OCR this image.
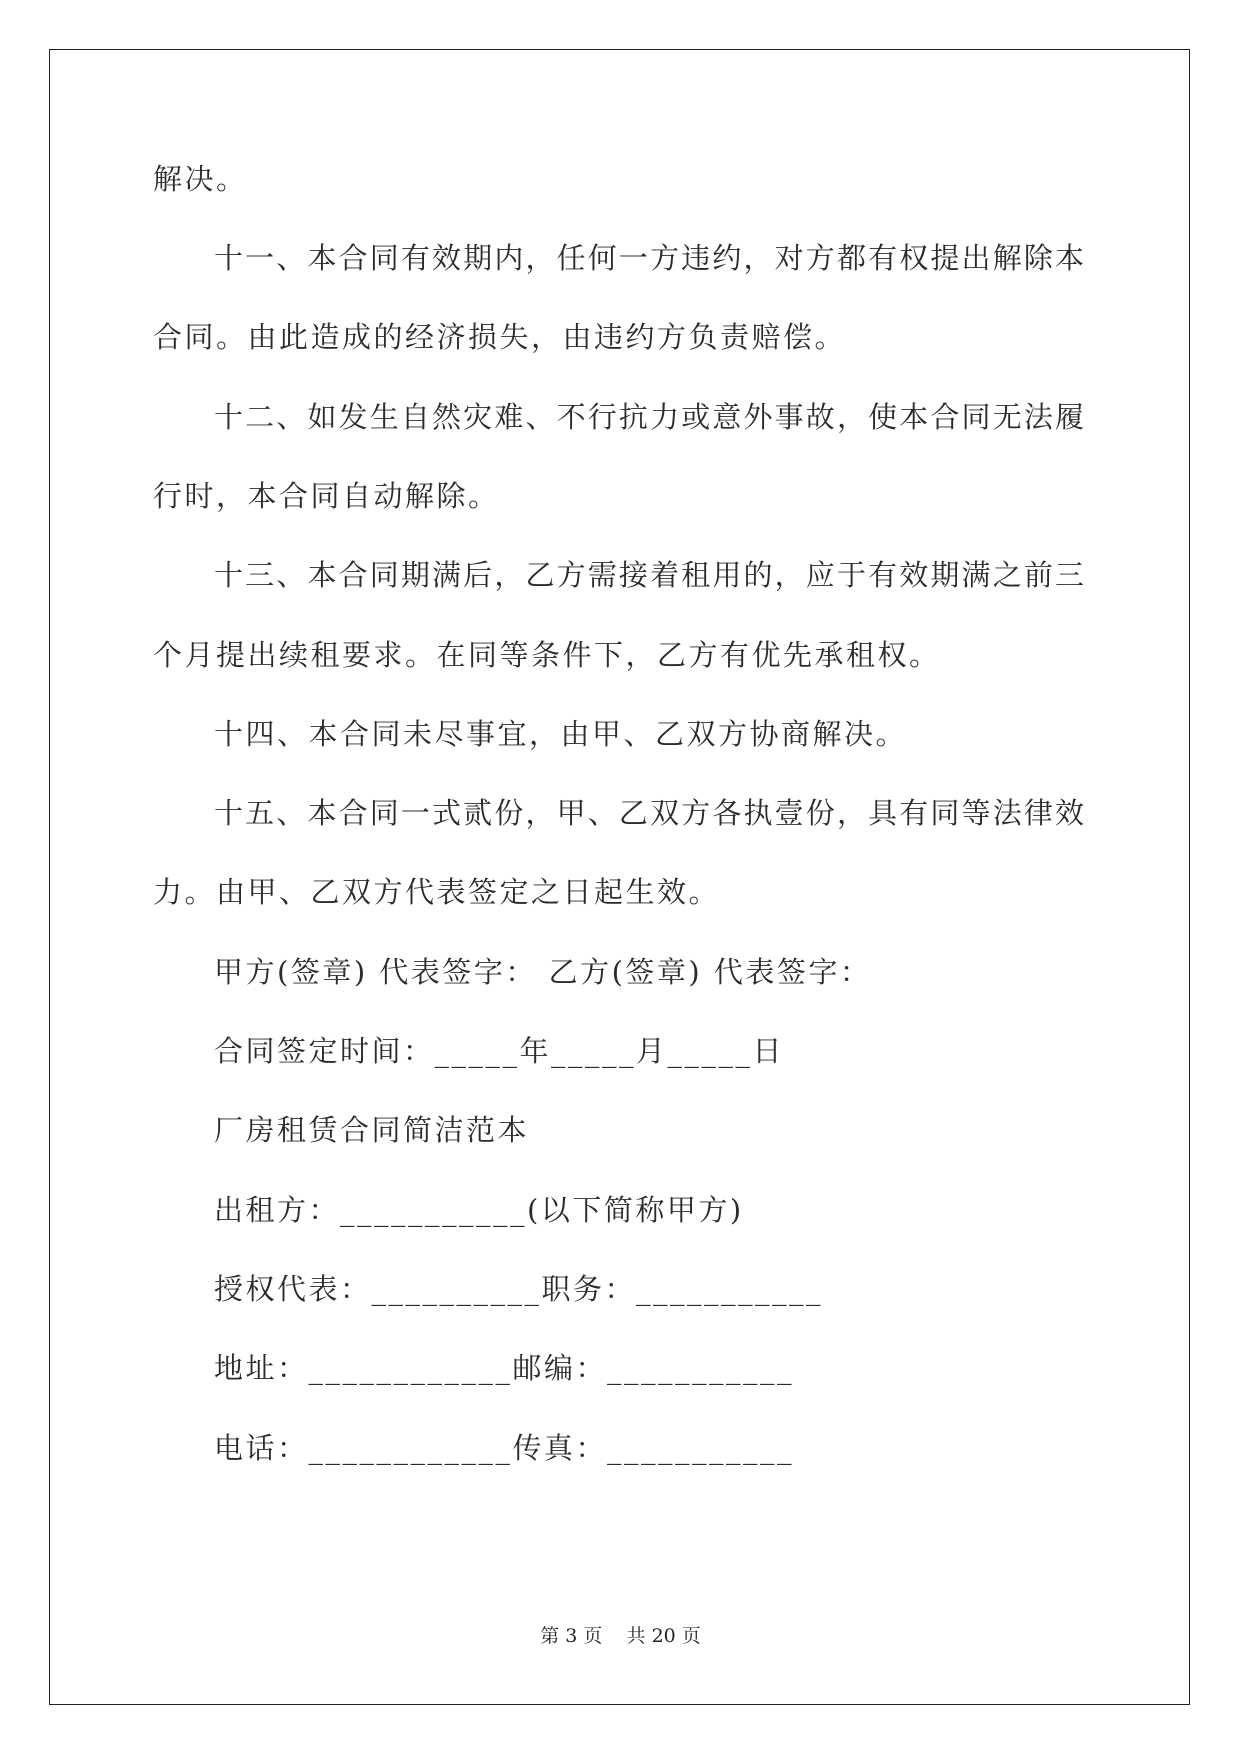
解决。
十一、本合同有效期内，任何一方违约，对方都有权提出解除本
合同。由此造成的经济损失，由违约方负责赔偿。
十二、如发生自然灾难、不行抗力或意外事故，使本合同无法履
行时，本合同自动解除。
十三、本合同期满后，乙方需接着租用的，应于有效期满之前三
个月提出续租要求。在同等条件下，乙方有优先承租权。
十四、本合同未尽事宜，由甲、乙双方协商解决。
十五、本合同一式贰份，甲、乙双方各执壹份，具有同等法律效
力。由甲、乙双方代表签定之日起生效。
甲方(签章) 代表签字： 乙方(签章) 代表签字：
合同签定时间：_____年_____月_____日
厂房租赁合同简洁范本
出租方：___________(以下简称甲方)
授权代表：__________职务：___________
地址：____________邮编：___________
电话：____________传真：___________
第 3 页    共 20 页
